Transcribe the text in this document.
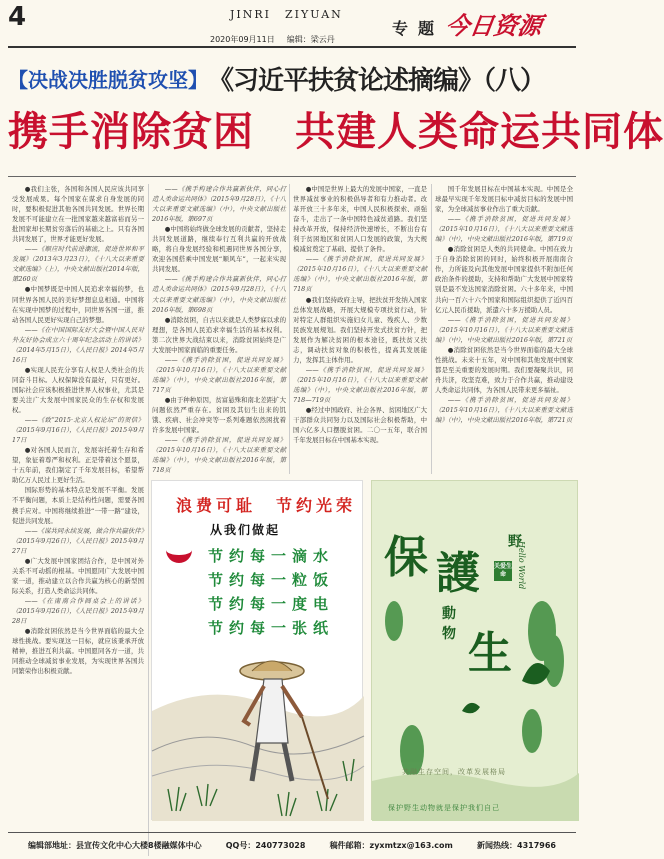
4	JINRI ZIYUAN
专题 今日资源
2020年09月11日 编辑：梁云丹
【决战决胜脱贫攻坚】 《习近平扶贫论述摘编》（八）
携手消除贫困　共建人类命运共同体

●我们主张，各国和各国人民应该共同享受发展成果。每个国家在谋求自身发展的同时，要积极促进其他各国共同发展。世界长期发展不可能建立在一批国家越来越富裕而另一批国家却长期贫穷落后的基础之上。只有各国共同发展了，世界才能更好发展。

——《顺应时代前进潮流，促进世界和平发展》（2013年3月23日），《十八大以来重要文献选编》（上），中央文献出版社2014年版，第260页

●中国梦既是中国人民追求幸福的梦，也同世界各国人民的美好梦想息息相通。中国将在实现中国梦的过程中，同世界各国一道，推动各国人民更好实现自己的梦想。

——《在中国国际友好大会暨中国人民对外友好协会成立六十周年纪念活动上的讲话》（2014年5月15日），《人民日报》2014年5月16日

●实现人民充分享有人权是人类社会的共同奋斗目标。人权保障没有最好，只有更好。国际社会应该积极推进世界人权事业，尤其是要关注广大发展中国家民众的生存权和发展权。

——《致“2015·北京人权论坛”的贺信》（2015年9月16日），《人民日报》2015年9月17日

●对各国人民而言，发展寄托着生存和希望，象征着尊严和权利。正是带着这个愿景，十五年前，我们制定了千年发展目标，希望帮助亿万人民过上更好生活。

国际形势的基本特点是发展不平衡。发展不平衡问题，本质上是结构性问题，需要各国携手应对。中国将继续推进“一带一路”建设，促进共同发展。

——《谋共同永续发展，做合作共赢伙伴》（2015年9月26日），《人民日报》2015年9月27日

●广大发展中国家团结合作，是中国对外关系不可动摇的根基。中国愿同广大发展中国家一道，推动建立以合作共赢为核心的新型国际关系，打造人类命运共同体。

——《在南南合作圆桌会上的讲话》（2015年9月26日），《人民日报》2015年9月28日

●消除贫困依然是当今世界面临的最大全球性挑战。要实现这一目标，就应该秉承开放精神，推进互利共赢。中国愿同各方一道，共同推动全球减贫事业发展，为实现世界各国共同繁荣作出积极贡献。

——《携手构建合作共赢新伙伴，同心打造人类命运共同体》（2015年9月28日），《十八大以来重要文献选编》（中），中央文献出版社2016年版，第697页

●中国将始终做全球发展的贡献者，坚持走共同发展道路，继续奉行互利共赢的开放战略，将自身发展经验和机遇同世界各国分享，欢迎各国搭乘中国发展“顺风车”，一起来实现共同发展。

——《携手构建合作共赢新伙伴，同心打造人类命运共同体》（2015年9月28日），《十八大以来重要文献选编》（中），中央文献出版社2016年版，第698页

●消除贫困，自古以来就是人类梦寐以求的理想，是各国人民追求幸福生活的基本权利。第二次世界大战结束以来，消除贫困始终是广大发展中国家面临的重要任务。

——《携手消除贫困，促进共同发展》（2015年10月16日），《十八大以来重要文献选编》（中），中央文献出版社2016年版，第717页

●由于种种原因，贫富悬殊和南北差距扩大问题依然严重存在。贫困及其衍生出来的饥饿、疾病、社会冲突等一系列难题依然困扰着许多发展中国家。

——《携手消除贫困，促进共同发展》（2015年10月16日），《十八大以来重要文献选编》（中），中央文献出版社2016年版，第718页

●中国是世界上最大的发展中国家，一直是世界减贫事业的积极倡导者和有力推动者。改革开放三十多年来，中国人民积极探索、顽强奋斗，走出了一条中国特色减贫道路。我们坚持改革开放，保持经济快速增长，不断出台有利于贫困地区和贫困人口发展的政策，为大规模减贫奠定了基础、提供了条件。

——《携手消除贫困，促进共同发展》（2015年10月16日），《十八大以来重要文献选编》（中），中央文献出版社2016年版，第718页

●我们坚持政府主导，把扶贫开发纳入国家总体发展战略，开展大规模专项扶贫行动，针对特定人群组织实施妇女儿童、残疾人、少数民族发展规划。我们坚持开发式扶贫方针，把发展作为解决贫困的根本途径，既扶贫又扶志，调动扶贫对象的积极性，提高其发展能力，发挥其主体作用。

——《携手消除贫困，促进共同发展》（2015年10月16日），《十八大以来重要文献选编》（中），中央文献出版社2016年版，第718—719页

●经过中国政府、社会各界、贫困地区广大干部群众共同努力以及国际社会积极帮助，中国六亿多人口摆脱贫困。二〇一五年，联合国千年发展目标在中国基本实现。

国千年发展目标在中国基本实现。中国是全球最早实现千年发展目标中减贫目标的发展中国家，为全球减贫事业作出了重大贡献。

——《携手消除贫困，促进共同发展》（2015年10月16日），《十八大以来重要文献选编》（中），中央文献出版社2016年版，第719页

●消除贫困是人类的共同使命。中国在致力于自身消除贫困的同时，始终积极开展南南合作，力所能及向其他发展中国家提供不附加任何政治条件的援助，支持和帮助广大发展中国家特别是最不发达国家消除贫困。六十多年来，中国共向一百六十六个国家和国际组织提供了近四百亿元人民币援助，派遣六十多万援助人员。

——《携手消除贫困，促进共同发展》（2015年10月16日），《十八大以来重要文献选编》（中），中央文献出版社2016年版，第721页

●消除贫困依然是当今世界面临的最大全球性挑战。未来十五年，对中国和其他发展中国家都是至关重要的发展时期。我们要凝聚共识，同舟共济，攻坚克难，致力于合作共赢，推动建设人类命运共同体，为各国人民带来更多福祉。

——《携手消除贫困，促进共同发展》（2015年10月16日），《十八大以来重要文献选编》（中），中央文献出版社2016年版，第721页

浪费可耻　节约光荣
从我们做起
节约每一滴水
节约每一粒饭
节约每一度电
节约每一张纸
保 護
生
野
動
物
关爱生命	Hello World
共融生存空间，改革发展格局
保护野生动物就是保护我们自己
编辑部地址：县宣传文化中心大楼8楼融媒体中心	QQ号：240773028	稿件邮箱：zyxmtzx@163.com	新闻热线：4317966
